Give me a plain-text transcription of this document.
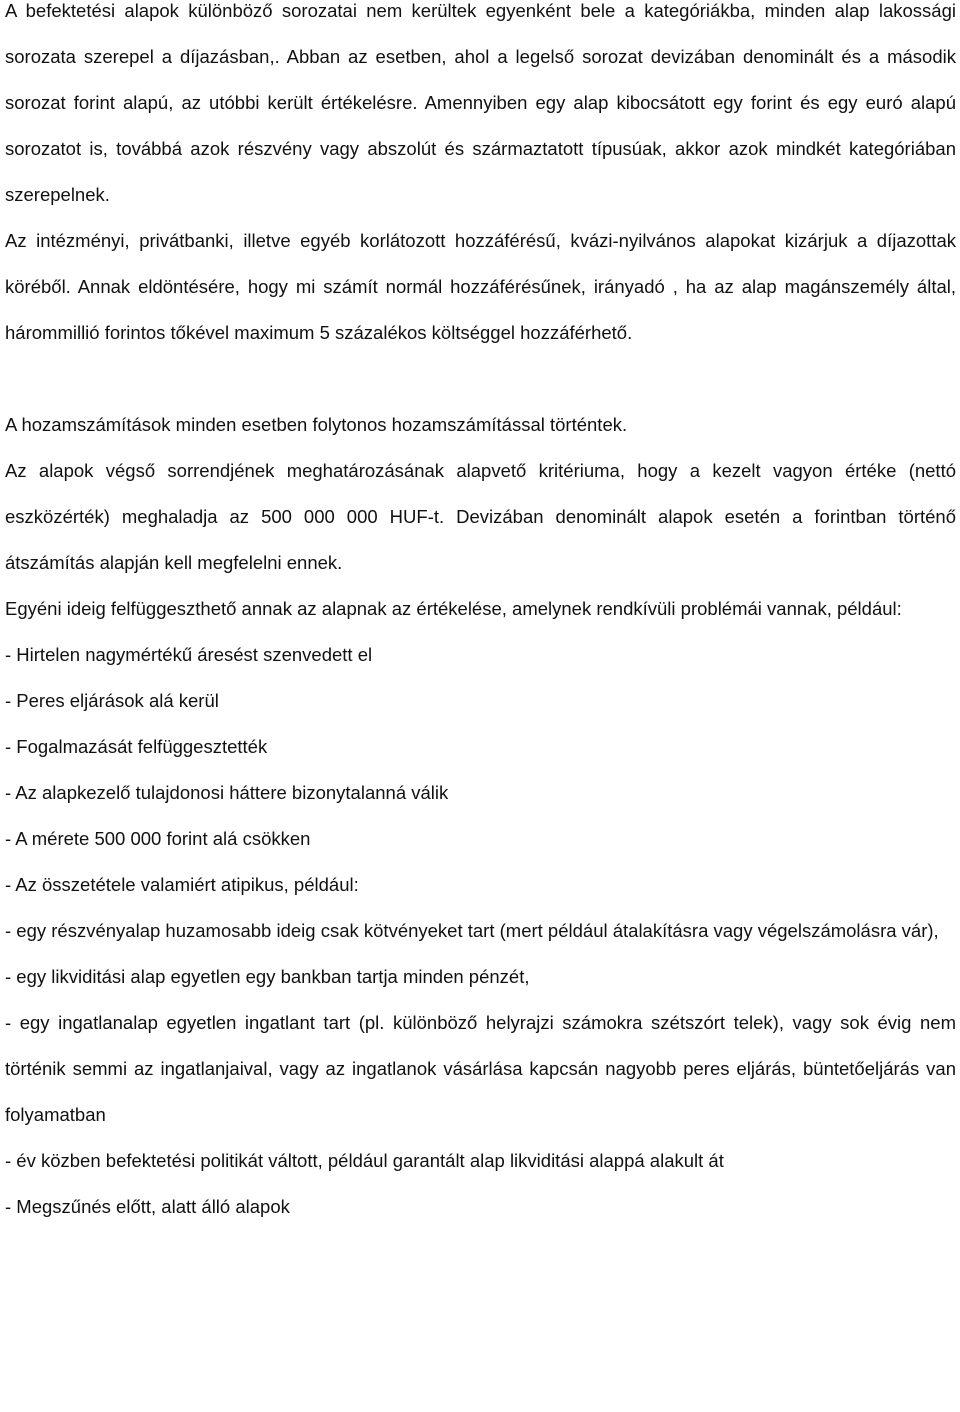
A befektetési alapok különböző sorozatai nem kerültek egyenként bele a kategóriákba, minden alap lakossági sorozata szerepel a díjazásban,. Abban az esetben, ahol a legelső sorozat devizában denominált és a második sorozat forint alapú, az utóbbi került értékelésre. Amennyiben egy alap kibocsátott egy forint és egy euró alapú sorozatot is, továbbá azok részvény vagy abszolút és származtatott típusúak, akkor azok mindkét kategóriában szerepelnek.

Az intézményi, privátbanki, illetve egyéb korlátozott hozzáférésű, kvázi-nyilvános alapokat kizárjuk a díjazottak köréből. Annak eldöntésére, hogy mi számít normál hozzáférésűnek, irányadó , ha az alap magánszemély által, hárommillió forintos tőkével maximum 5 százalékos költséggel hozzáférhető.

A hozamszámítások minden esetben folytonos hozamszámítással történtek.

Az alapok végső sorrendjének meghatározásának alapvető kritériuma, hogy a kezelt vagyon értéke (nettó eszközérték) meghaladja az 500 000 000 HUF-t. Devizában denominált alapok esetén a forintban történő átszámítás alapján kell megfelelni ennek.

Egyéni ideig felfüggeszthető annak az alapnak az értékelése, amelynek rendkívüli problémái vannak, például:

- Hirtelen nagymértékű áresést szenvedett el
- Peres eljárások alá kerül
- Fogalmazását felfüggesztették
- Az alapkezelő tulajdonosi háttere bizonytalanná válik
- A mérete 500 000 forint alá csökken
- Az összetétele valamiért atipikus, például:
- egy részvényalap huzamosabb ideig csak kötvényeket tart (mert például átalakításra vagy végelszámolásra vár),
- egy likviditási alap egyetlen egy bankban tartja minden pénzét,
- egy ingatlanalap egyetlen ingatlant tart (pl. különböző helyrajzi számokra szétszórt telek), vagy sok évig nem történik semmi az ingatlanjaival, vagy az ingatlanok vásárlása kapcsán nagyobb peres eljárás, büntetőeljárás van folyamatban
- év közben befektetési politikát váltott, például garantált alap likviditási alappá alakult át
- Megszűnés előtt, alatt álló alapok
